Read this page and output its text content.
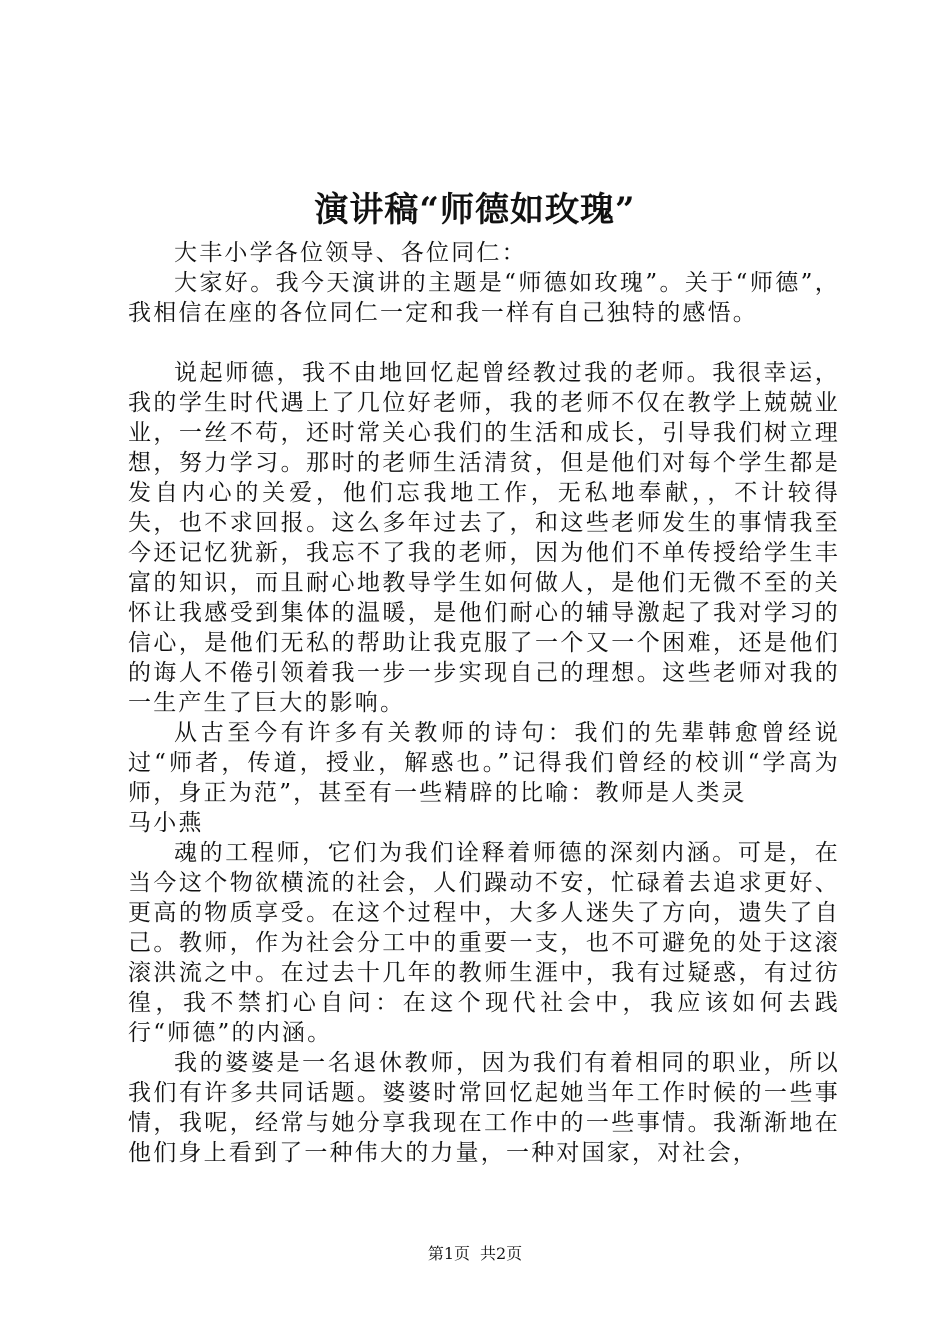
演讲稿“师德如玫瑰”

大丰小学各位领导、各位同仁：

大家好。我今天演讲的主题是“师德如玫瑰”。关于“师德”，我相信在座的各位同仁一定和我一样有自己独特的感悟。

说起师德，我不由地回忆起曾经教过我的老师。我很幸运，我的学生时代遇上了几位好老师，我的老师不仅在教学上兢兢业业，一丝不苟，还时常关心我们的生活和成长，引导我们树立理想，努力学习。那时的老师生活清贫，但是他们对每个学生都是发自内心的关爱，他们忘我地工作，无私地奉献，，不计较得失，也不求回报。这么多年过去了，和这些老师发生的事情我至今还记忆犹新，我忘不了我的老师，因为他们不单传授给学生丰富的知识，而且耐心地教导学生如何做人，是他们无微不至的关怀让我感受到集体的温暖，是他们耐心的辅导激起了我对学习的信心，是他们无私的帮助让我克服了一个又一个困难，还是他们的诲人不倦引领着我一步一步实现自己的理想。这些老师对我的一生产生了巨大的影响。

从古至今有许多有关教师的诗句：我们的先辈韩愈曾经说过“师者，传道，授业，解惑也。”记得我们曾经的校训“学高为师，身正为范”，甚至有一些精辟的比喻：教师是人类灵

马小燕

魂的工程师，它们为我们诠释着师德的深刻内涵。可是，在当今这个物欲横流的社会，人们躁动不安，忙碌着去追求更好、更高的物质享受。在这个过程中，大多人迷失了方向，遗失了自己。教师，作为社会分工中的重要一支，也不可避免的处于这滚滚洪流之中。在过去十几年的教师生涯中，我有过疑惑，有过彷徨，我不禁扪心自问：在这个现代社会中，我应该如何去践行“师德”的内涵。

我的婆婆是一名退休教师，因为我们有着相同的职业，所以我们有许多共同话题。婆婆时常回忆起她当年工作时候的一些事情，我呢，经常与她分享我现在工作中的一些事情。我渐渐地在他们身上看到了一种伟大的力量，一种对国家，对社会，

第1页 共2页
